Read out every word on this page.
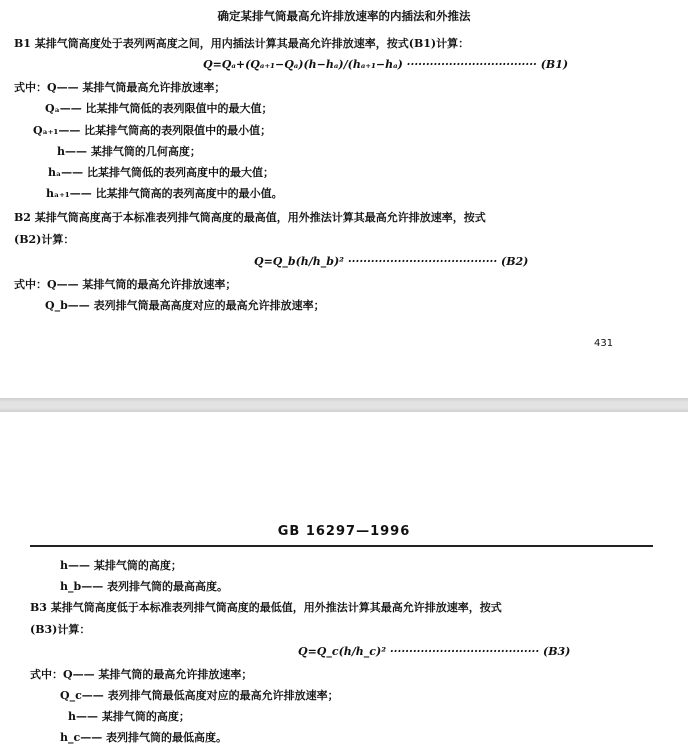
确定某排气筒最高允许排放速率的内插法和外推法
B1 某排气筒高度处于表列两高度之间，用内插法计算其最高允许排放速率，按式(B1)计算：
Q=Qₐ+(Qₐ₊₁−Qₐ)(h−hₐ)/(hₐ₊₁−hₐ) ·································· (B1)
式中：Q—— 某排气筒最高允许排放速率；
Qₐ—— 比某排气筒低的表列限值中的最大值；
Qₐ₊₁—— 比某排气筒高的表列限值中的最小值；
h—— 某排气筒的几何高度；
hₐ—— 比某排气筒低的表列高度中的最大值；
hₐ₊₁—— 比某排气筒高的表列高度中的最小值。
B2 某排气筒高度高于本标准表列排气筒高度的最高值，用外推法计算其最高允许排放速率，按式
(B2)计算：
Q=Q_b(h/h_b)² ······································· (B2)
式中：Q—— 某排气筒的最高允许排放速率；
Q_b—— 表列排气筒最高高度对应的最高允许排放速率；
431
GB 16297—1996
h—— 某排气筒的高度；
h_b—— 表列排气筒的最高高度。
B3 某排气筒高度低于本标准表列排气筒高度的最低值，用外推法计算其最高允许排放速率，按式
(B3)计算：
Q=Q_c(h/h_c)² ······································· (B3)
式中：Q—— 某排气筒的最高允许排放速率；
Q_c—— 表列排气筒最低高度对应的最高允许排放速率；
h—— 某排气筒的高度；
h_c—— 表列排气筒的最低高度。
